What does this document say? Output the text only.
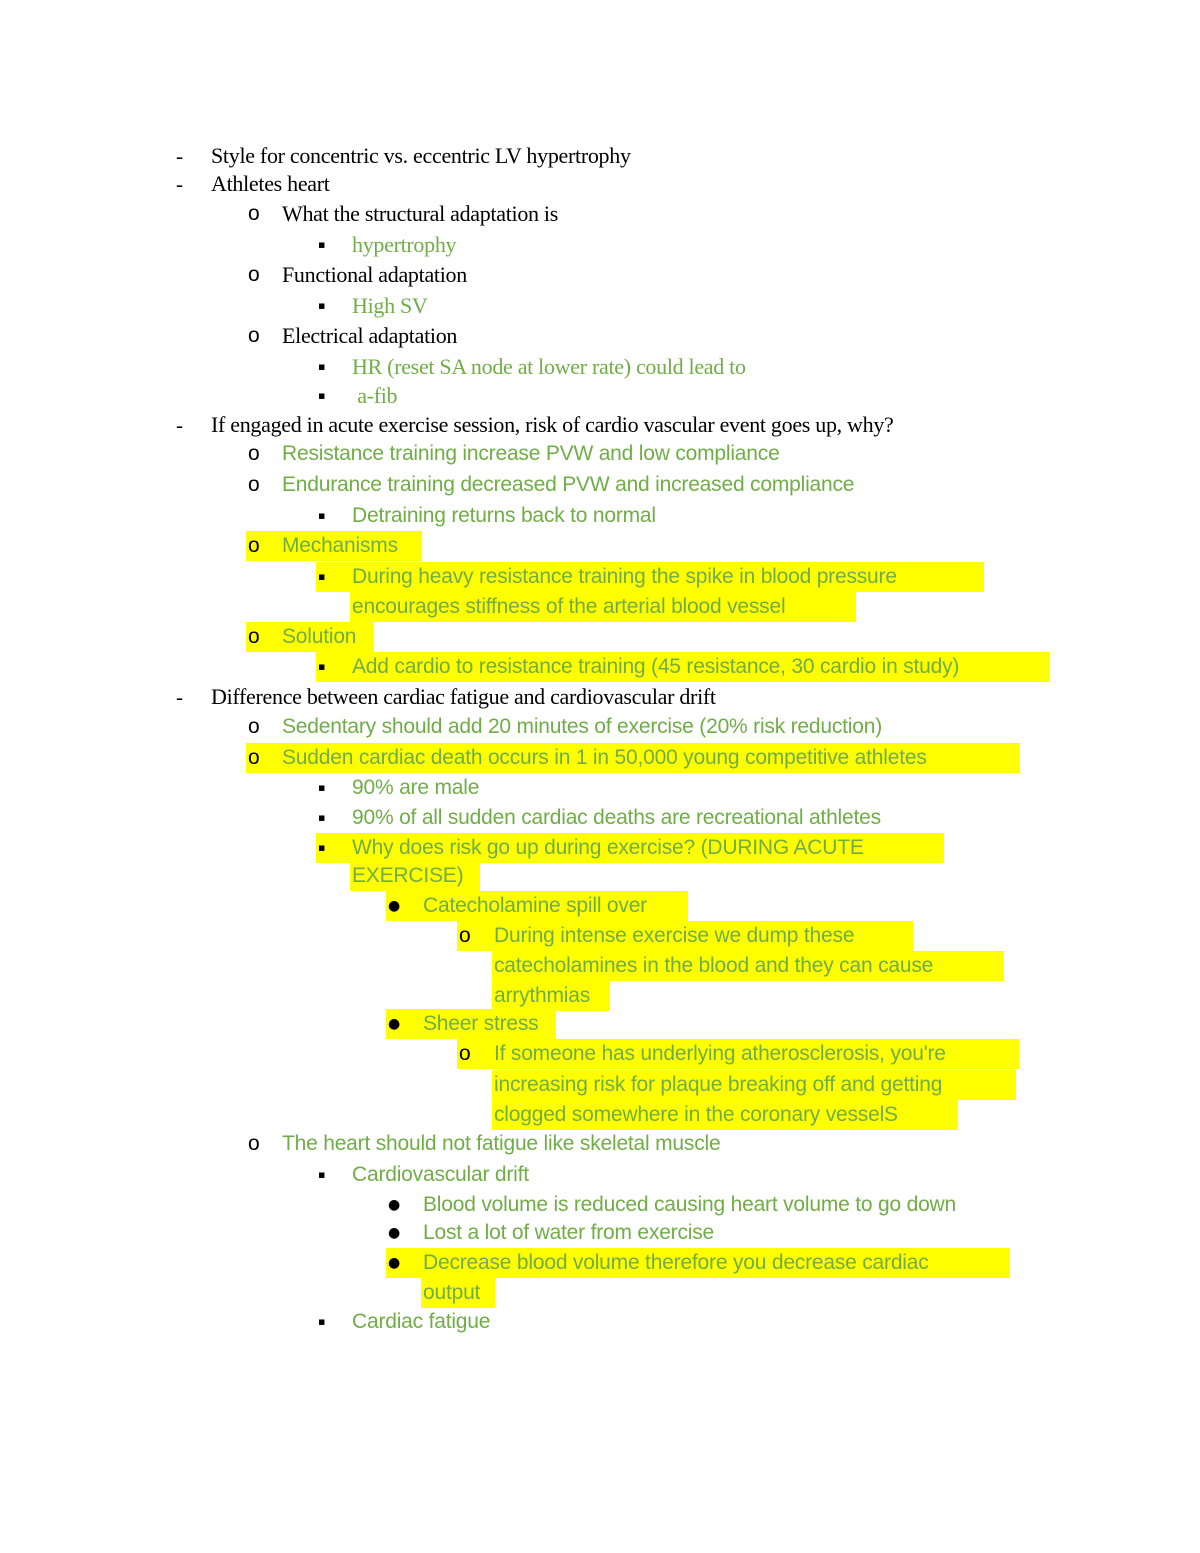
- Style for concentric vs. eccentric LV hypertrophy
- Athletes heart
o What the structural adaptation is
▪ hypertrophy
o Functional adaptation
▪ High SV
o Electrical adaptation
▪ HR (reset SA node at lower rate) could lead to
▪ a-fib
- If engaged in acute exercise session, risk of cardio vascular event goes up, why?
o Resistance training increase PVW and low compliance
o Endurance training decreased PVW and increased compliance
▪ Detraining returns back to normal
o Mechanisms
▪ During heavy resistance training the spike in blood pressure
encourages stiffness of the arterial blood vessel
o Solution
▪ Add cardio to resistance training (45 resistance, 30 cardio in study)
- Difference between cardiac fatigue and cardiovascular drift
o Sedentary should add 20 minutes of exercise (20% risk reduction)
o Sudden cardiac death occurs in 1 in 50,000 young competitive athletes
▪ 90% are male
▪ 90% of all sudden cardiac deaths are recreational athletes
▪ Why does risk go up during exercise? (DURING ACUTE
EXERCISE)
● Catecholamine spill over
o During intense exercise we dump these
catecholamines in the blood and they can cause
arrythmias
● Sheer stress
o If someone has underlying atherosclerosis, you're
increasing risk for plaque breaking off and getting
clogged somewhere in the coronary vesselS
o The heart should not fatigue like skeletal muscle
▪ Cardiovascular drift
● Blood volume is reduced causing heart volume to go down
● Lost a lot of water from exercise
● Decrease blood volume therefore you decrease cardiac
output
▪ Cardiac fatigue
